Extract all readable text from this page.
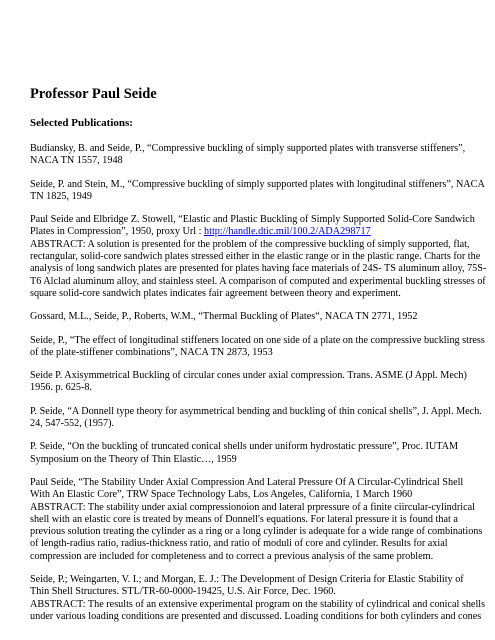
Professor Paul Seide
Selected Publications:
Budiansky, B. and Seide, P., “Compressive buckling of simply supported plates with transverse stiffeners”,
NACA TN 1557, 1948
Seide, P. and Stein, M., “Compressive buckling of simply supported plates with longitudinal stiffeners”, NACA
TN 1825, 1949
Paul Seide and Elbridge Z. Stowell, “Elastic and Plastic Buckling of Simply Supported Solid-Core Sandwich
Plates in Compression”, 1950, proxy Url : http://handle.dtic.mil/100.2/ADA298717
ABSTRACT: A solution is presented for the problem of the compressive buckling of simply supported, flat,
rectangular, solid-core sandwich plates stressed either in the elastic range or in the plastic range. Charts for the
analysis of long sandwich plates are presented for plates having face materials of 24S- TS aluminum alloy, 75S-
T6 Alclad aluminum alloy, and stainless steel. A comparison of computed and experimental buckling stresses of
square solid-core sandwich plates indicates fair agreement between theory and experiment.
Gossard, M.L., Seide, P., Roberts, W.M., “Thermal Buckling of Plates“, NACA TN 2771, 1952
Seide, P., “The effect of longitudinal stiffeners located on one side of a plate on the compressive buckling stress
of the plate-stiffener combinations”, NACA TN 2873, 1953
Seide P. Axisymmetrical Buckling of circular cones under axial compression. Trans. ASME (J Appl. Mech)
1956. p. 625-8.
P. Seide, “A Donnell type theory for asymmetrical bending and buckling of thin conical shells”, J. Appl. Mech.
24, 547-552, (1957).
P. Seide, “On the buckling of truncated conical shells under uniform hydrostatic pressure”, Proc. IUTAM
Symposium on the Theory of Thin Elastic…, 1959
Paul Seide, “The Stability Under Axial Compression And Lateral Pressure Of A Circular-Cylindrical Shell
With An Elastic Core”, TRW Space Technology Labs, Los Angeles, California, 1 March 1960
ABSTRACT: The stability under axial compressionoion and lateral prpressure of a finite ciircular-cylindrical
shell with an elastic core is treated by means of Donnell's equations. For lateral pressure it is found that a
previous solution treating the cylinder as a ring or a long cylinder is adequate for a wide range of combinations
of length-radius ratio, radius-thickness ratio, and ratio of moduli of core and cylinder. Results for axial
compression are included for completeness and to correct a previous analysis of the same problem.
Seide, P.; Weingarten, V. I.; and Morgan, E. J.: The Development of Design Criteria for Elastic Stability of
Thin Shell Structures. STL/TR-60-0000-19425, U.S. Air Force, Dec. 1960.
ABSTRACT: The results of an extensive experimental program on the stability of cylindrical and conical shells
under various loading conditions are presented and discussed. Loading conditions for both cylinders and cones
